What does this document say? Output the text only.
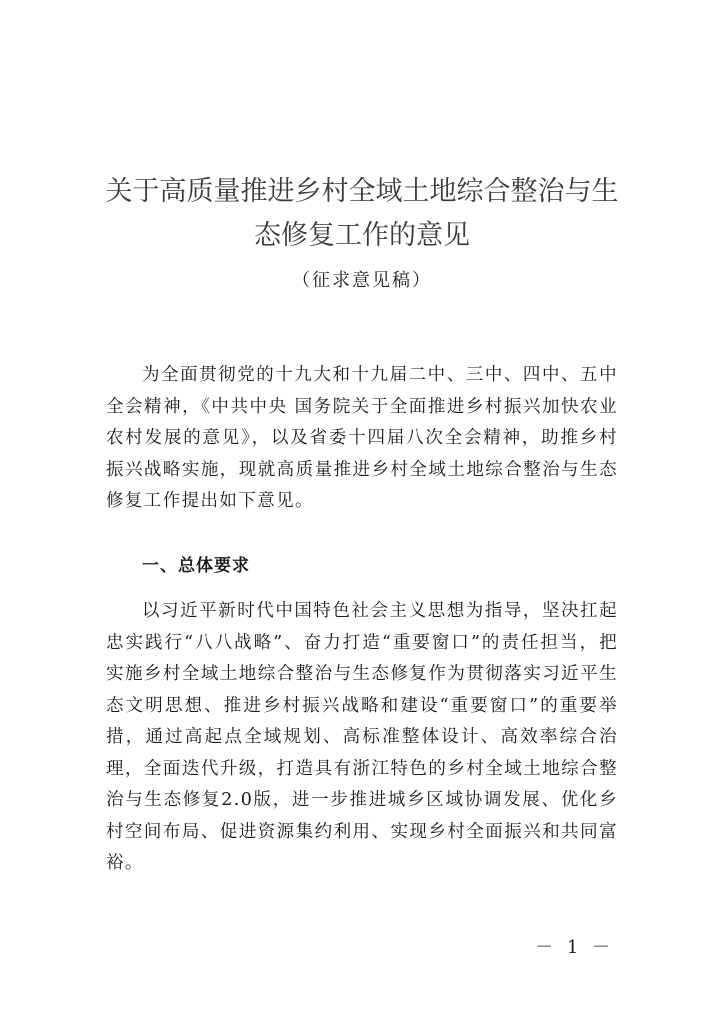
关于高质量推进乡村全域土地综合整治与生态修复工作的意见
（征求意见稿）

为全面贯彻党的十九大和十九届二中、三中、四中、五中全会精神，《中共中央 国务院关于全面推进乡村振兴加快农业农村发展的意见》，以及省委十四届八次全会精神，助推乡村振兴战略实施，现就高质量推进乡村全域土地综合整治与生态修复工作提出如下意见。

一、总体要求

以习近平新时代中国特色社会主义思想为指导，坚决扛起忠实践行“八八战略”、奋力打造“重要窗口”的责任担当，把实施乡村全域土地综合整治与生态修复作为贯彻落实习近平生态文明思想、推进乡村振兴战略和建设“重要窗口”的重要举措，通过高起点全域规划、高标准整体设计、高效率综合治理，全面迭代升级，打造具有浙江特色的乡村全域土地综合整治与生态修复2.0版，进一步推进城乡区域协调发展、优化乡村空间布局、促进资源集约利用、实现乡村全面振兴和共同富裕。

－ 1 －
